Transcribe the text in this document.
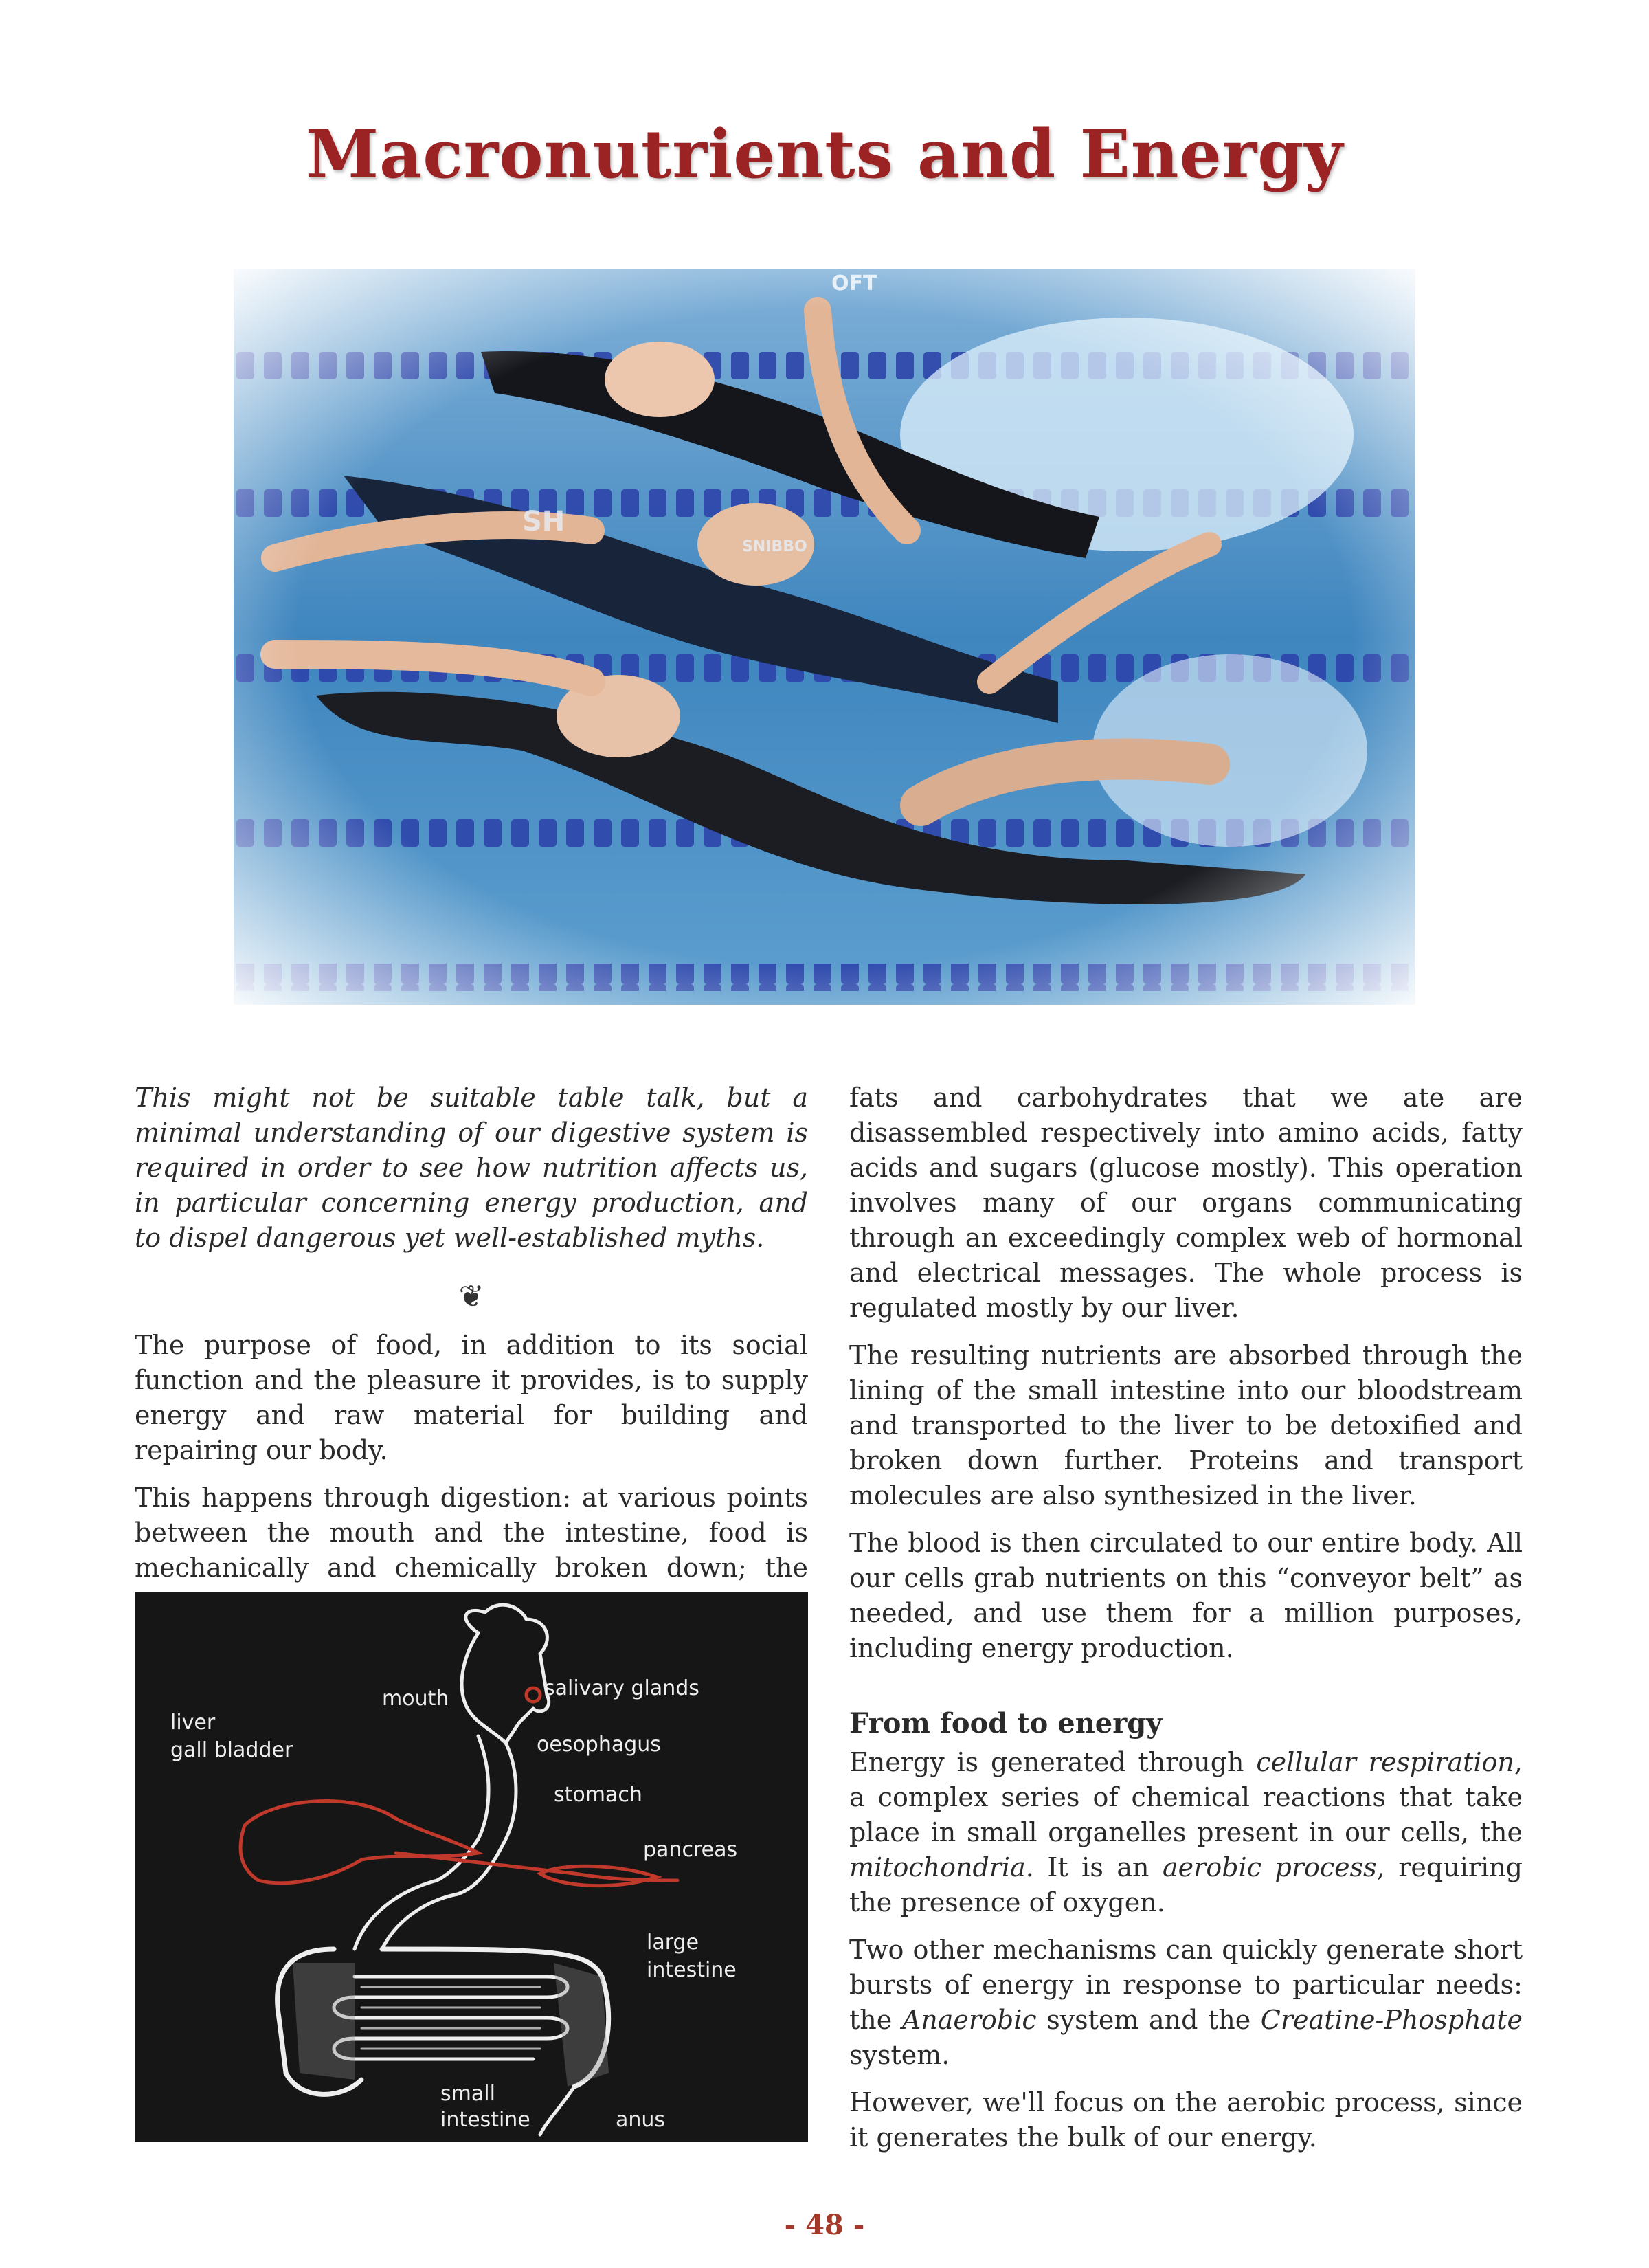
Macronutrients and Energy

This might not be suitable table talk, but a minimal understanding of our digestive system is required in order to see how nutrition affects us, in particular concerning energy production, and to dispel dangerous yet well-established myths.

❦

The purpose of food, in addition to its social function and the pleasure it provides, is to supply energy and raw material for building and repairing our body.

This happens through digestion: at various points between the mouth and the intestine, food is mechanically and chemically broken down; the

mouth	salivary glands
liver
gall bladder	oesophagus
stomach
pancreas
large
intestine
small
intestine	anus

fats and carbohydrates that we ate are disassembled respectively into amino acids, fatty acids and sugars (glucose mostly). This operation involves many of our organs communicating through an exceedingly complex web of hormonal and electrical messages. The whole process is regulated mostly by our liver.

The resulting nutrients are absorbed through the lining of the small intestine into our bloodstream and transported to the liver to be detoxified and broken down further. Proteins and transport molecules are also synthesized in the liver.

The blood is then circulated to our entire body. All our cells grab nutrients on this “conveyor belt” as needed, and use them for a million purposes, including energy production.

From food to energy

Energy is generated through cellular respiration, a complex series of chemical reactions that take place in small organelles present in our cells, the mitochondria. It is an aerobic process, requiring the presence of oxygen.

Two other mechanisms can quickly generate short bursts of energy in response to particular needs: the Anaerobic system and the Creatine-Phosphate system.

However, we'll focus on the aerobic process, since it generates the bulk of our energy.

SH
SNIBBO
OFT
- 48 -
